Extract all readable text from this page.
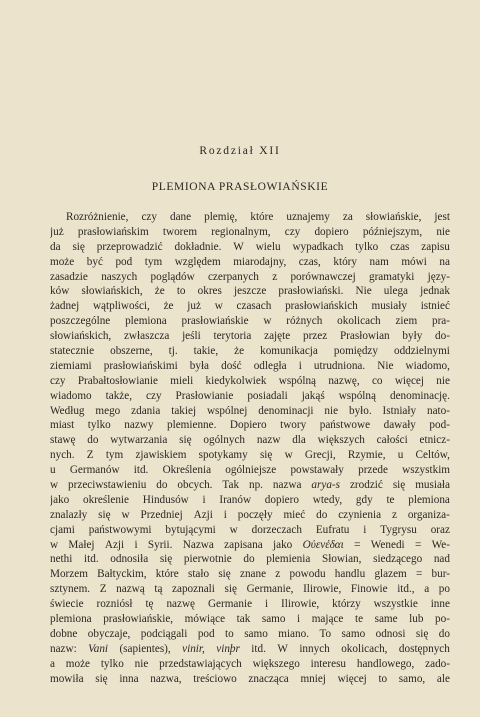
Rozdział XII
PLEMIONA PRASŁOWIAŃSKIE
Rozróżnienie, czy dane plemię, które uznajemy za słowiańskie, jest
już prasłowiańskim tworem regionalnym, czy dopiero późniejszym, nie
da się przeprowadzić dokładnie. W wielu wypadkach tylko czas zapisu
może być pod tym względem miarodajny, czas, który nam mówi na
zasadzie naszych poglądów czerpanych z porównawczej gramatyki języ-
ków słowiańskich, że to okres jeszcze prasłowiański. Nie ulega jednak
żadnej wątpliwości, że już w czasach prasłowiańskich musiały istnieć
poszczególne plemiona prasłowiańskie w różnych okolicach ziem pra-
słowiańskich, zwłaszcza jeśli terytoria zajęte przez Prasłowian były do-
statecznie obszerne, tj. takie, że komunikacja pomiędzy oddzielnymi
ziemiami prasłowiańskimi była dość odległa i utrudniona. Nie wiadomo,
czy Prabałtosłowianie mieli kiedykolwiek wspólną nazwę, co więcej nie
wiadomo także, czy Prasłowianie posiadali jakąś wspólną denominację.
Według mego zdania takiej wspólnej denominacji nie było. Istniały nato-
miast tylko nazwy plemienne. Dopiero twory państwowe dawały pod-
stawę do wytwarzania się ogólnych nazw dla większych całości etnicz-
nych. Z tym zjawiskiem spotykamy się w Grecji, Rzymie, u Celtów,
u Germanów itd. Określenia ogólniejsze powstawały przede wszystkim
w przeciwstawieniu do obcych. Tak np. nazwa arya-s zrodzić się musiała
jako określenie Hindusów i Iranów dopiero wtedy, gdy te plemiona
znalazły się w Przedniej Azji i poczęły mieć do czynienia z organiza-
cjami państwowymi bytującymi w dorzeczach Eufratu i Tygrysu oraz
w Małej Azji i Syrii. Nazwa zapisana jako Οὐενέδαι = Wenedi = We-
nethi itd. odnosiła się pierwotnie do plemienia Słowian, siedzącego nad
Morzem Bałtyckim, które stało się znane z powodu handlu glazem = bur-
sztynem. Z nazwą tą zapoznali się Germanie, Ilirowie, Finowie itd., a po
świecie rozniósł tę nazwę Germanie i Ilirowie, którzy wszystkie inne
plemiona prasłowiańskie, mówiące tak samo i mające te same lub po-
dobne obyczaje, podciągali pod to samo miano. To samo odnosi się do
nazw: Vani (sapientes), vinir, vinþr itd. W innych okolicach, dostępnych
a może tylko nie przedstawiających większego interesu handlowego, zado-
mowiła się inna nazwa, treściowo znacząca mniej więcej to samo, ale
